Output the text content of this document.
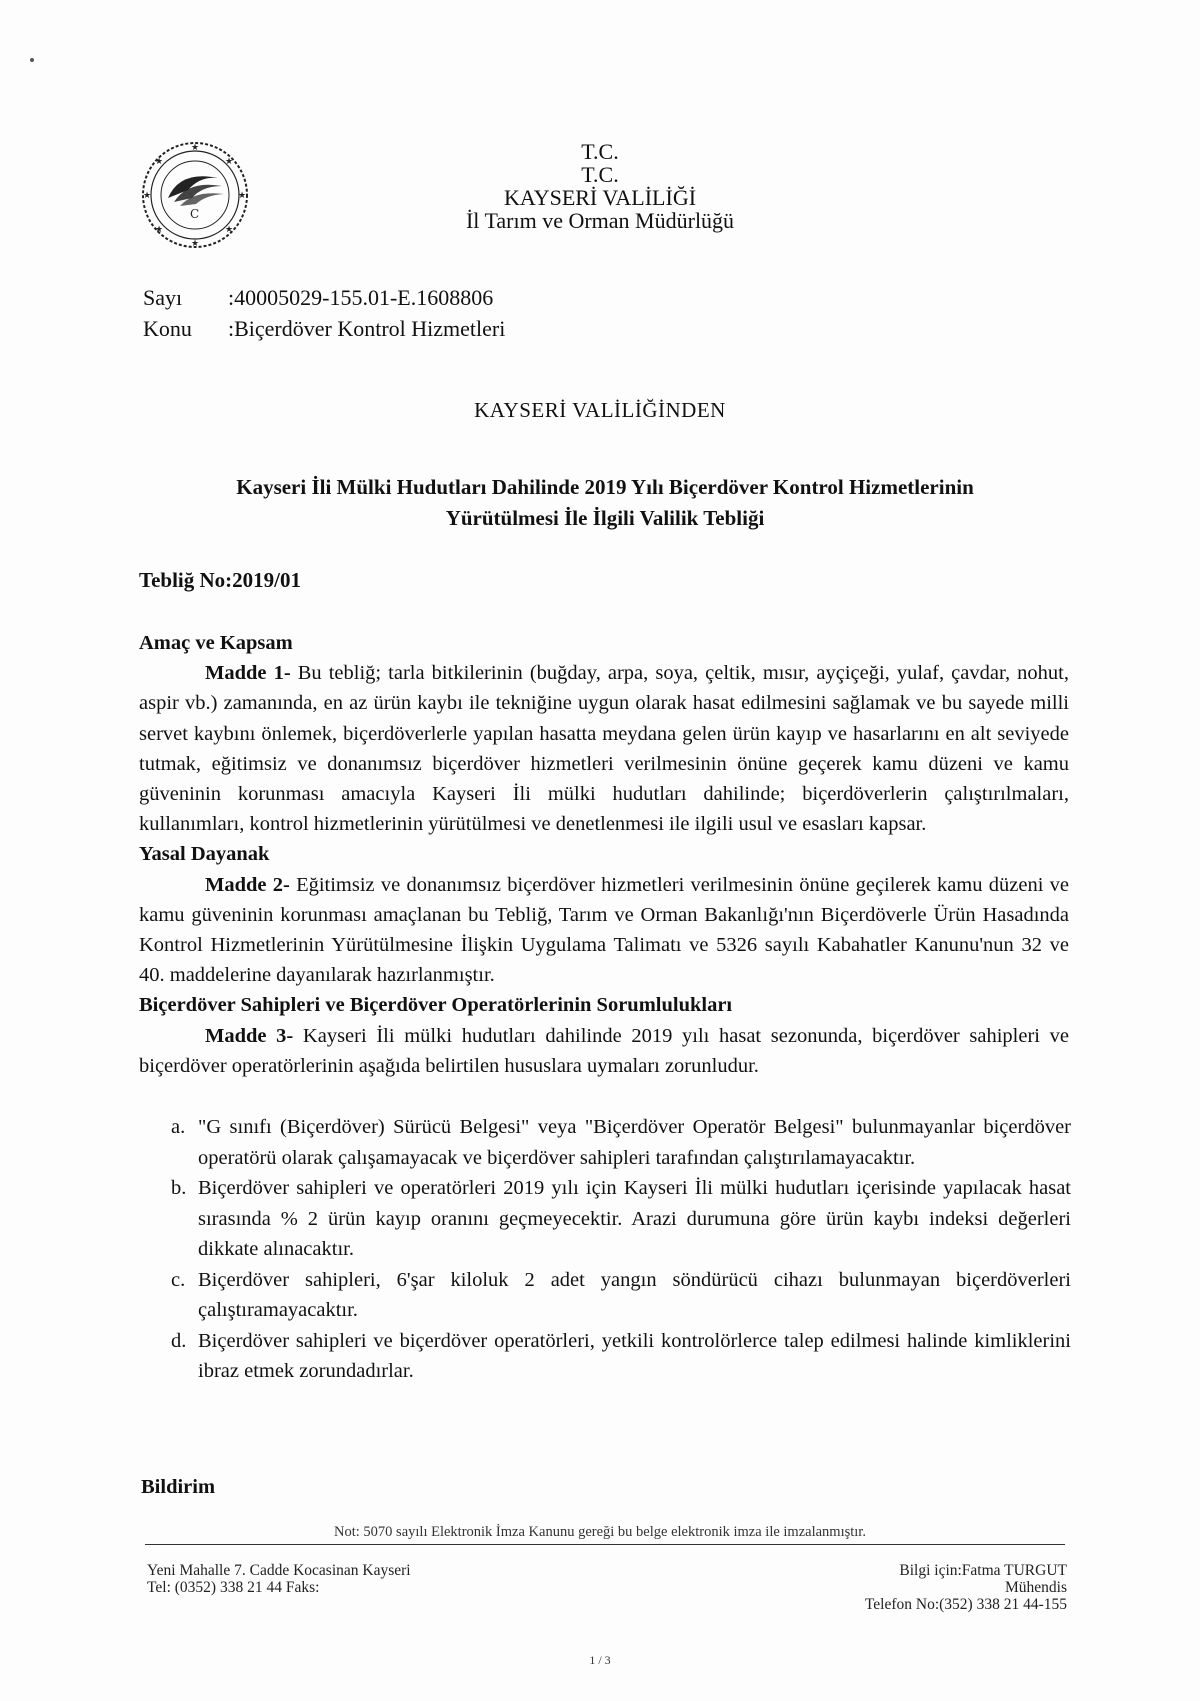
★
★
★
★
★
★
★
★
C
T.C.
T.C.
KAYSERİ VALİLİĞİ
İl Tarım ve Orman Müdürlüğü
Sayı	:40005029-155.01-E.1608806
Konu	:Biçerdöver Kontrol Hizmetleri
KAYSERİ VALİLİĞİNDEN
Kayseri İli Mülki Hudutları Dahilinde 2019 Yılı Biçerdöver Kontrol Hizmetlerinin
Yürütülmesi İle İlgili Valilik Tebliği
Tebliğ No:2019/01
Amaç ve Kapsam
Madde 1- Bu tebliğ; tarla bitkilerinin (buğday, arpa, soya, çeltik, mısır, ayçiçeği, yulaf, çavdar, nohut, aspir vb.) zamanında, en az ürün kaybı ile tekniğine uygun olarak hasat edilmesini sağlamak ve bu sayede milli servet kaybını önlemek, biçerdöverlerle yapılan hasatta meydana gelen ürün kayıp ve hasarlarını en alt seviyede tutmak, eğitimsiz ve donanımsız biçerdöver hizmetleri verilmesinin önüne geçerek kamu düzeni ve kamu güveninin korunması amacıyla Kayseri İli mülki hudutları dahilinde; biçerdöverlerin çalıştırılmaları, kullanımları, kontrol hizmetlerinin yürütülmesi ve denetlenmesi ile ilgili usul ve esasları kapsar.
Yasal Dayanak
Madde 2- Eğitimsiz ve donanımsız biçerdöver hizmetleri verilmesinin önüne geçilerek kamu düzeni ve kamu güveninin korunması amaçlanan bu Tebliğ, Tarım ve Orman Bakanlığı'nın Biçerdöverle Ürün Hasadında Kontrol Hizmetlerinin Yürütülmesine İlişkin Uygulama Talimatı ve 5326 sayılı Kabahatler Kanunu'nun 32 ve 40. maddelerine dayanılarak hazırlanmıştır.
Biçerdöver Sahipleri ve Biçerdöver Operatörlerinin Sorumlulukları
Madde 3- Kayseri İli mülki hudutları dahilinde 2019 yılı hasat sezonunda, biçerdöver sahipleri ve biçerdöver operatörlerinin aşağıda belirtilen hususlara uymaları zorunludur.
a. "G sınıfı (Biçerdöver) Sürücü Belgesi" veya "Biçerdöver Operatör Belgesi" bulunmayanlar biçerdöver operatörü olarak çalışamayacak ve biçerdöver sahipleri tarafından çalıştırılamayacaktır.
b. Biçerdöver sahipleri ve operatörleri 2019 yılı için Kayseri İli mülki hudutları içerisinde yapılacak hasat sırasında % 2 ürün kayıp oranını geçmeyecektir. Arazi durumuna göre ürün kaybı indeksi değerleri dikkate alınacaktır.
c. Biçerdöver sahipleri, 6'şar kiloluk 2 adet yangın söndürücü cihazı bulunmayan biçerdöverleri çalıştıramayacaktır.
d. Biçerdöver sahipleri ve biçerdöver operatörleri, yetkili kontrolörlerce talep edilmesi halinde kimliklerini ibraz etmek zorundadırlar.
Bildirim
Not: 5070 sayılı Elektronik İmza Kanunu gereği bu belge elektronik imza ile imzalanmıştır.
Yeni Mahalle 7. Cadde Kocasinan Kayseri
Tel: (0352) 338 21 44 Faks:
Bilgi için:Fatma TURGUT
Mühendis
Telefon No:(352) 338 21 44-155
1 / 3
